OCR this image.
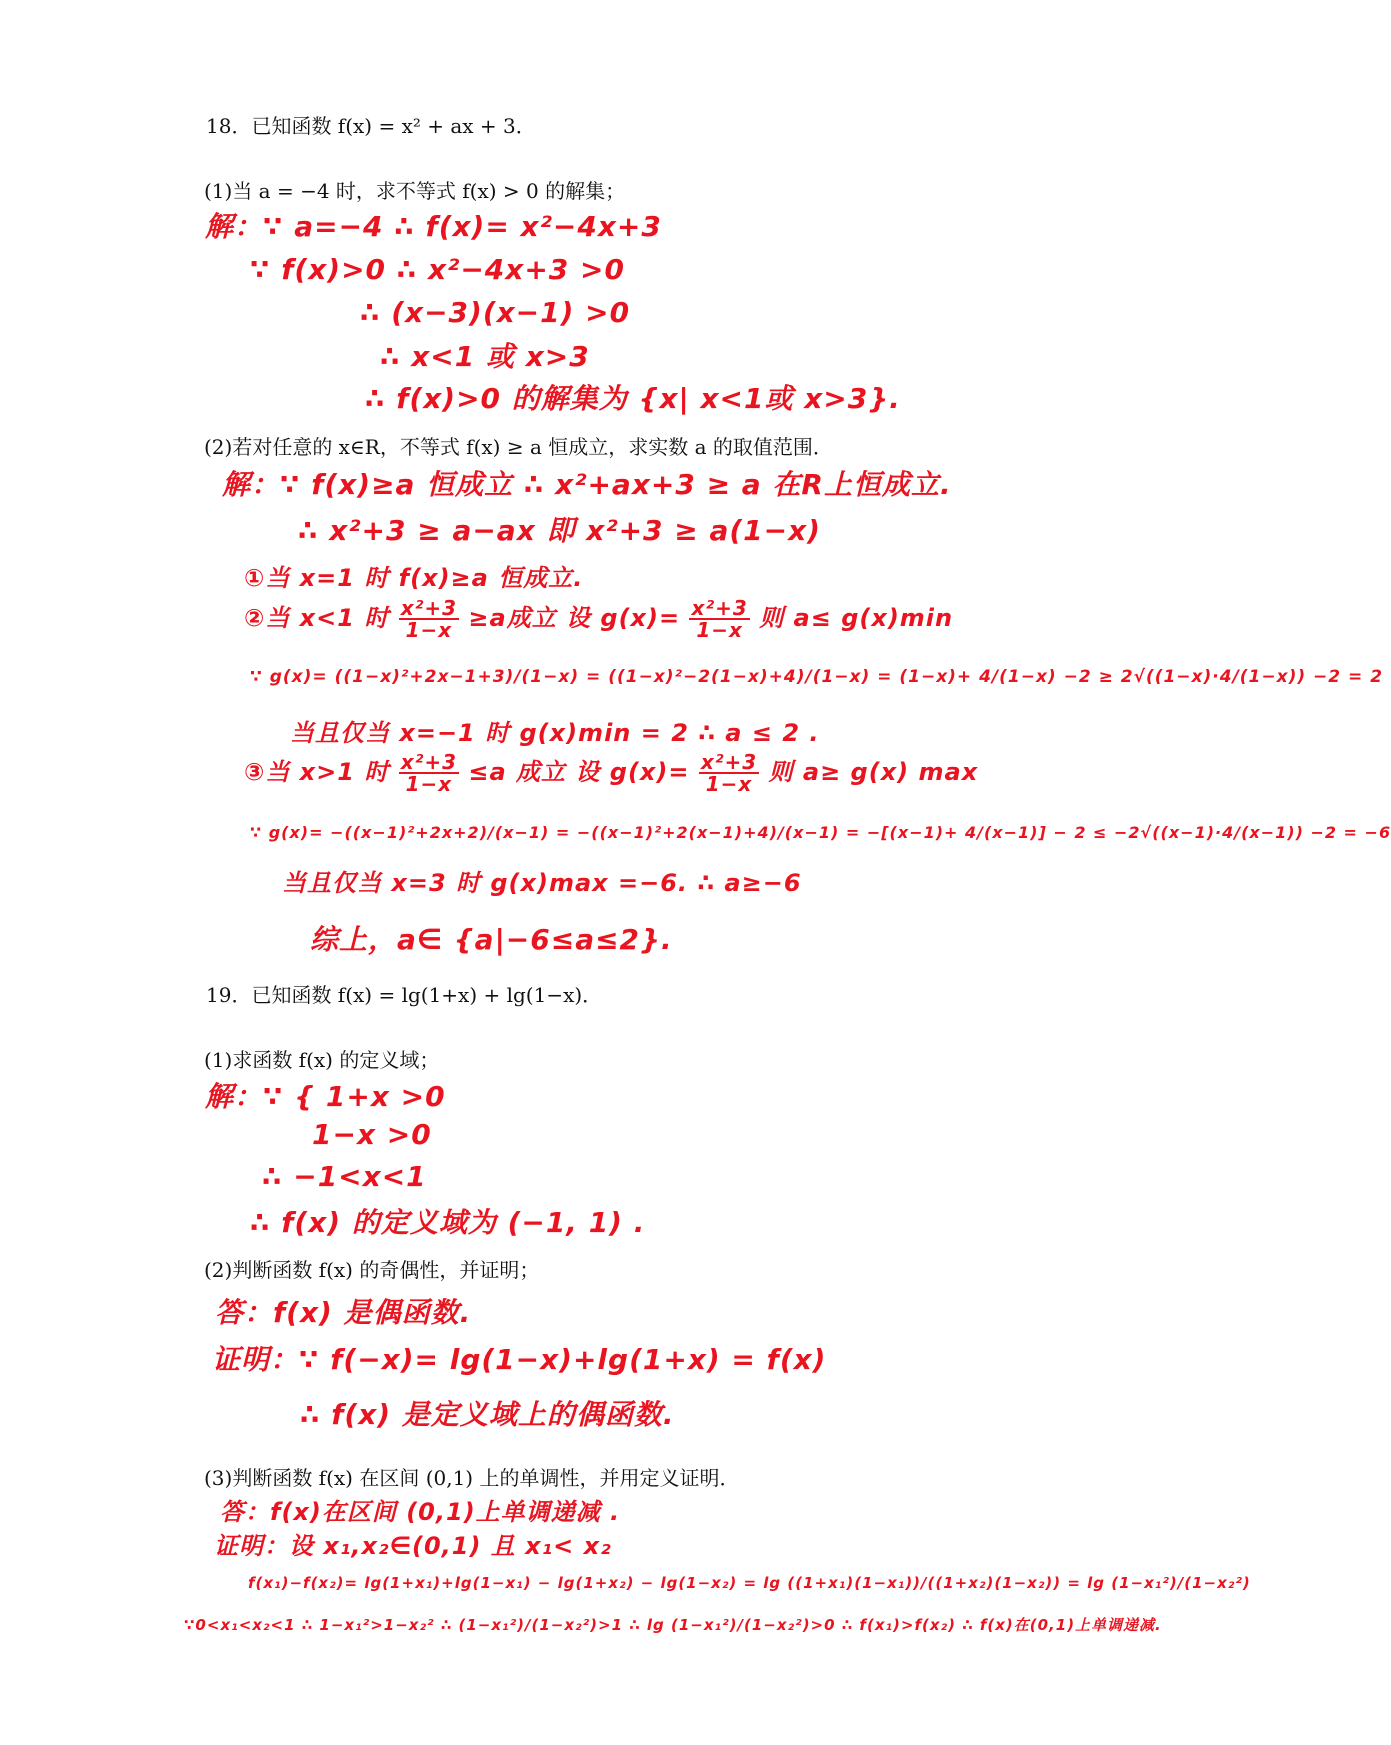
18．已知函数 f(x) = x² + ax + 3．
(1)当 a = −4 时，求不等式 f(x) > 0 的解集；
解：∵ a=−4 ∴ f(x)= x²−4x+3
∵ f(x)>0 ∴ x²−4x+3 >0
∴ (x−3)(x−1) >0
∴ x<1 或 x>3
∴ f(x)>0 的解集为 {x| x<1或 x>3}.
(2)若对任意的 x∈R，不等式 f(x) ≥ a 恒成立，求实数 a 的取值范围．
解：∵ f(x)≥a 恒成立 ∴ x²+ax+3 ≥ a 在R上恒成立.
∴ x²+3 ≥ a−ax 即 x²+3 ≥ a(1−x)
①当 x=1 时 f(x)≥a 恒成立.
②当 x<1 时 $\frac{\text{x²+3}}{1-x} \ge a$成立 设 $g(x)= \frac{\text{x²+3}}{1-x}$ 则 a≤ g(x)min
∵ g(x)= ((1−x)²+2x−1+3)/(1−x) = ((1−x)²−2(1−x)+4)/(1−x) = (1−x)+ 4/(1−x) −2 ≥ 2√((1−x)·4/(1−x)) −2 = 2
当且仅当 x=−1 时 g(x)min = 2 ∴ a ≤ 2 .
③当 x>1 时 $\frac{\text{x²+3}}{1-x} \le a$ 成立 设 $g(x)= \frac{\text{x²+3}}{1-x}$ 则 a≥ g(x) max
∵ g(x)= −((x−1)²+2x+2)/(x−1) = −((x−1)²+2(x−1)+4)/(x−1) = −[(x−1)+ 4/(x−1)] − 2 ≤ −2√((x−1)·4/(x−1)) −2 = −6
当且仅当 x=3 时 g(x)max =−6. ∴ a≥−6
综上，a∈ {a|−6≤a≤2}.
19．已知函数 f(x) = lg(1+x) + lg(1−x)．
(1)求函数 f(x) 的定义域；
解：∵ { 1+x >0
1−x >0
∴ −1<x<1
∴ f(x) 的定义域为 (−1, 1) .
(2)判断函数 f(x) 的奇偶性，并证明；
答：f(x) 是偶函数.
证明：∵ f(−x)= lg(1−x)+lg(1+x) = f(x)
∴ f(x) 是定义域上的偶函数.
(3)判断函数 f(x) 在区间 (0,1) 上的单调性，并用定义证明．
答：f(x)在区间 (0,1)上单调递减 .
证明：设 x₁,x₂∈(0,1) 且 x₁< x₂
f(x₁)−f(x₂)= lg(1+x₁)+lg(1−x₁) − lg(1+x₂) − lg(1−x₂) = lg ((1+x₁)(1−x₁))/((1+x₂)(1−x₂)) = lg (1−x₁²)/(1−x₂²)
∵0<x₁<x₂<1 ∴ 1−x₁²>1−x₂² ∴ (1−x₁²)/(1−x₂²)>1 ∴ lg (1−x₁²)/(1−x₂²)>0 ∴ f(x₁)>f(x₂) ∴ f(x)在(0,1)上单调递减.
